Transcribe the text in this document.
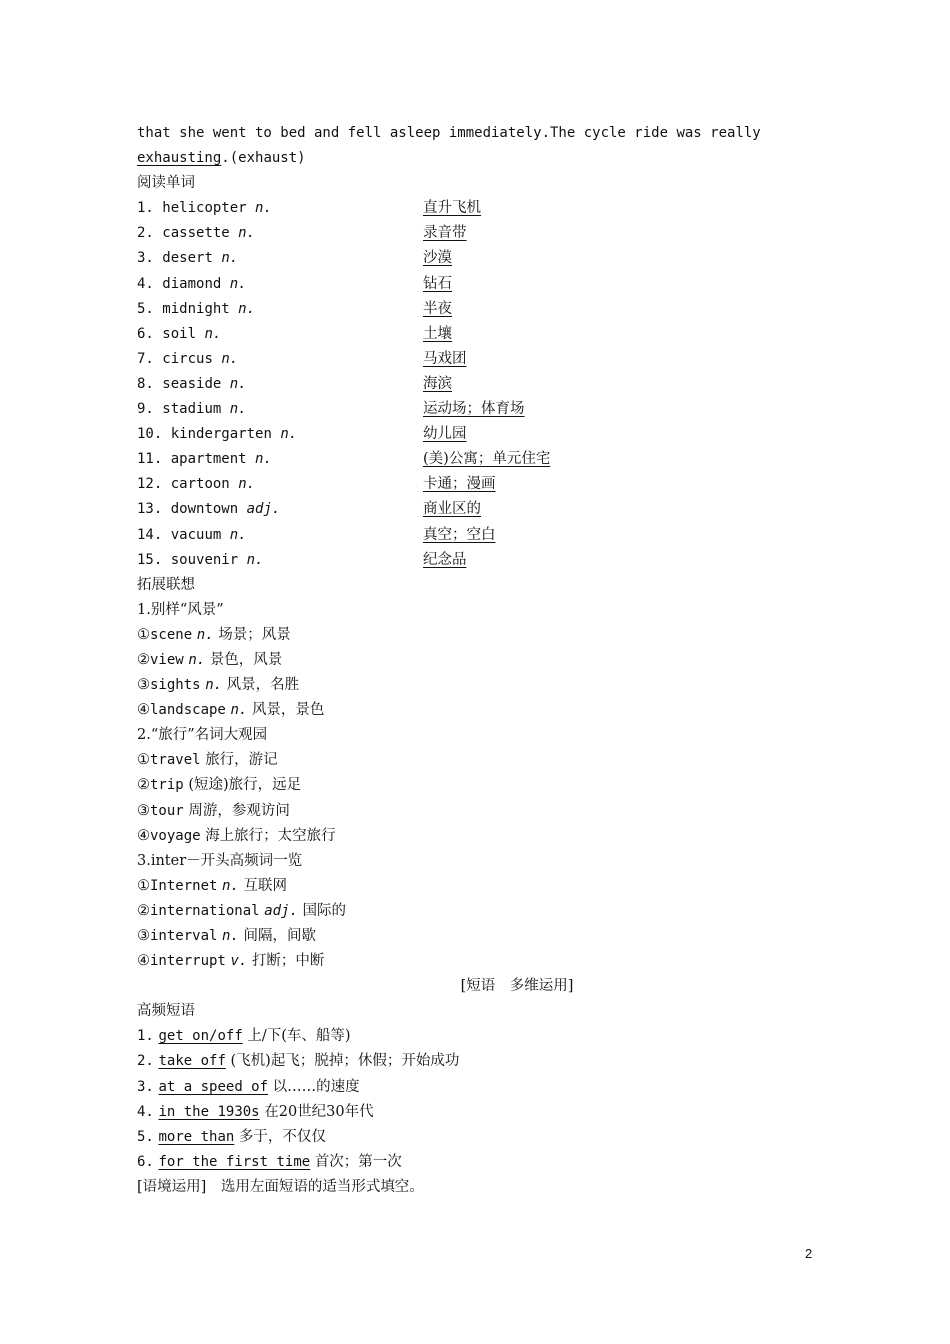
that she went to bed and fell asleep immediately.The cycle ride was really
exhausting.(exhaust)
阅读单词
1. helicopter n.	直升飞机
2. cassette n.	录音带
3. desert n.	沙漠
4. diamond n.	钻石
5. midnight n.	半夜
6. soil n.	土壤
7. circus n.	马戏团
8. seaside n.	海滨
9. stadium n.	运动场；体育场
10. kindergarten n.	幼儿园
11. apartment n.	(美)公寓；单元住宅
12. cartoon n.	卡通；漫画
13. downtown adj.	商业区的
14. vacuum n.	真空；空白
15. souvenir n.	纪念品
拓展联想
1.别样“风景”
①scene n. 场景；风景
②view n. 景色，风景
③sights n. 风景，名胜
④landscape n. 风景，景色
2.“旅行”名词大观园
①travel 旅行，游记
②trip (短途)旅行，远足
③tour 周游，参观访问
④voyage 海上旅行；太空旅行
3.inter－开头高频词一览
①Internet n. 互联网
②international adj. 国际的
③interval n. 间隔，间歇
④interrupt v. 打断；中断
[短语　多维运用]
高频短语
1. get on/off 上/下(车、船等)
2. take off (飞机)起飞；脱掉；休假；开始成功
3. at a speed of 以……的速度
4. in the 1930s 在20世纪30年代
5. more than 多于，不仅仅
6. for the first time 首次；第一次
[语境运用]　选用左面短语的适当形式填空。
2
